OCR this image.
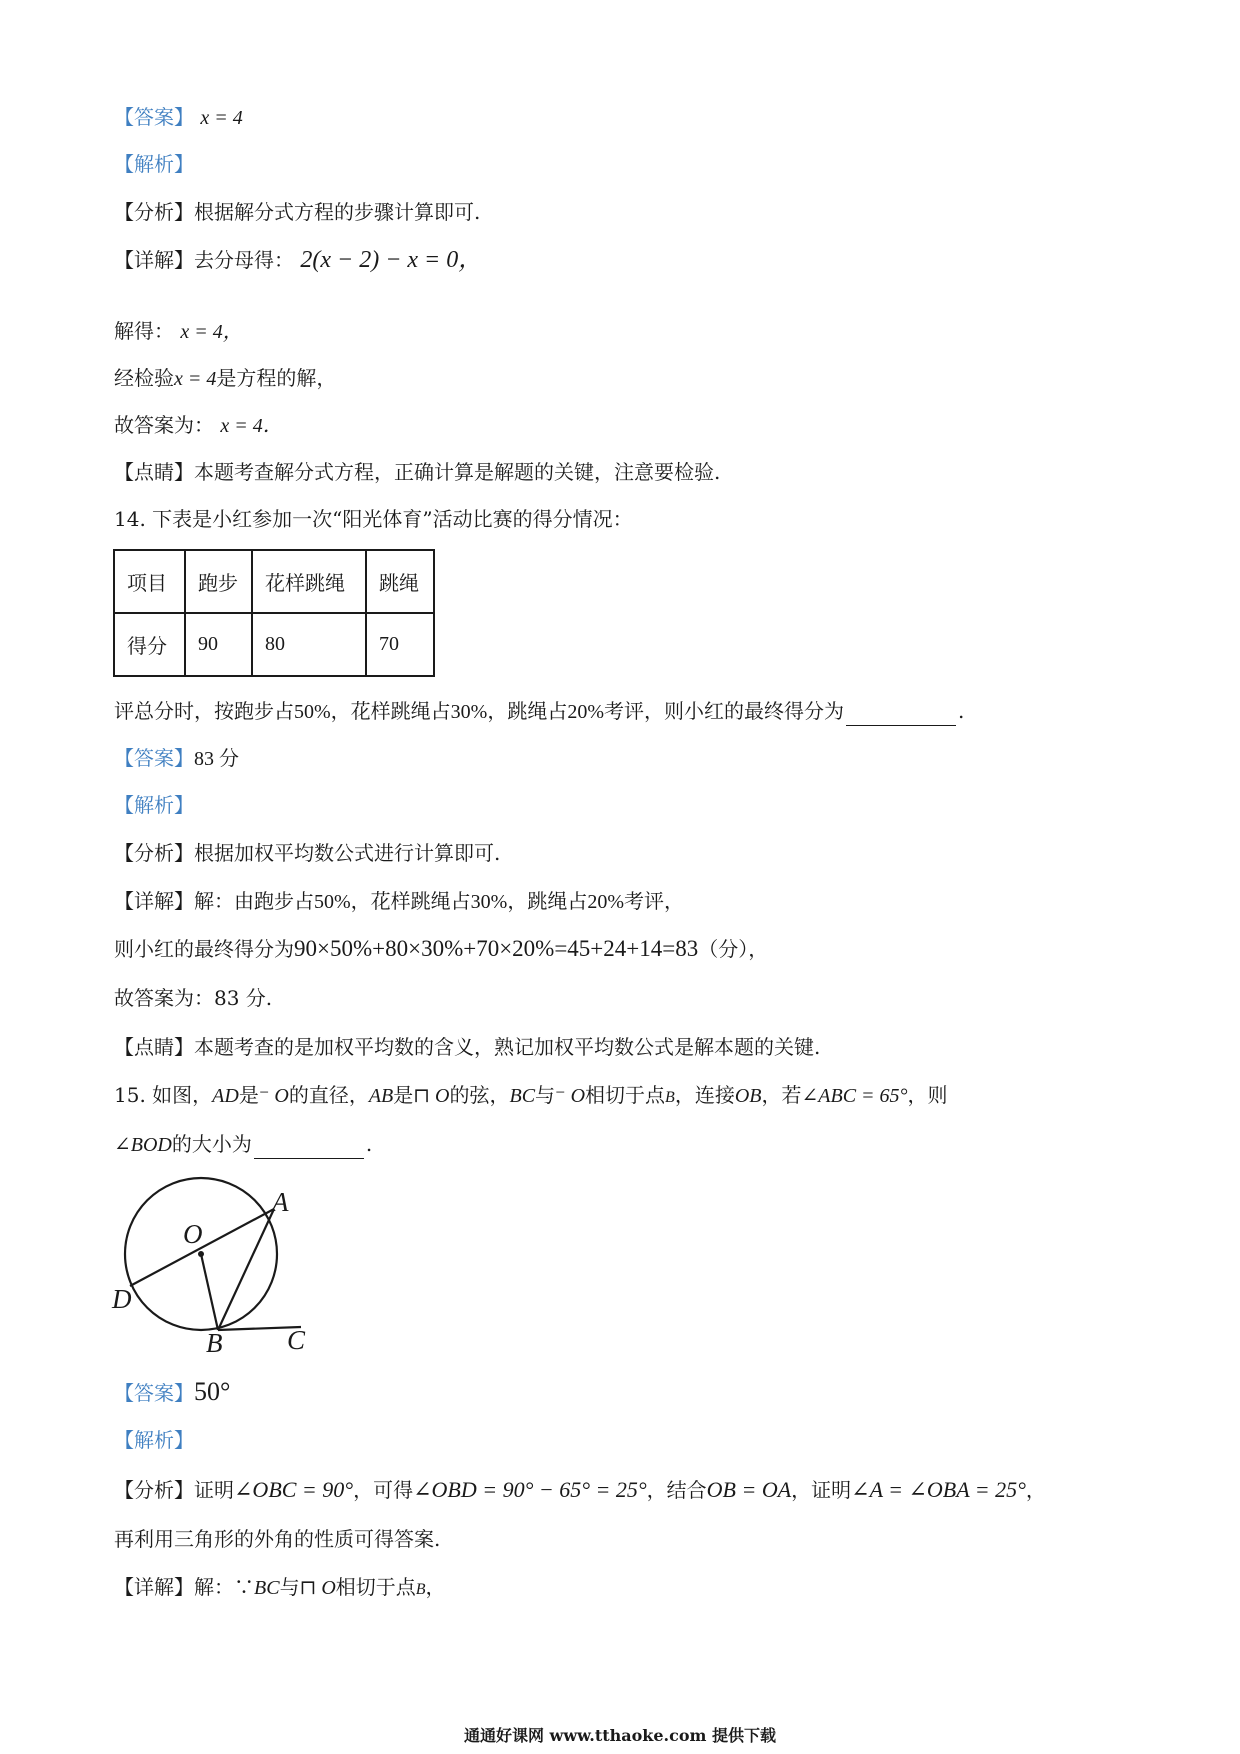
【答案】 x = 4
【解析】
【分析】根据解分式方程的步骤计算即可.
【详解】去分母得： 2(x − 2) − x = 0，
解得： x = 4，
经检验x = 4是方程的解，
故答案为： x = 4．
【点睛】本题考查解分式方程，正确计算是解题的关键，注意要检验.
14. 下表是小红参加一次“阳光体育”活动比赛的得分情况：
项目	跑步	花样跳绳	跳绳
得分	90	80	70
评总分时，按跑步占50%，花样跳绳占30%，跳绳占20%考评，则小红的最终得分为	.
【答案】83 分
【解析】
【分析】根据加权平均数公式进行计算即可.
【详解】解：由跑步占50%，花样跳绳占30%，跳绳占20%考评，
则小红的最终得分为90×50%+80×30%+70×20%=45+24+14=83（分），
故答案为：83 分.
【点睛】本题考查的是加权平均数的含义，熟记加权平均数公式是解本题的关键.
15. 如图，AD是⁻ O的直径，AB是⊓ O的弦，BC与⁻ O相切于点B，连接OB，若∠ABC = 65°，则
∠BOD的大小为	.
O
A
D
B C
【答案】50°
【解析】
【分析】证明∠OBC = 90°，可得∠OBD = 90° − 65° = 25°，结合OB = OA，证明∠A = ∠OBA = 25°，
再利用三角形的外角的性质可得答案.
【详解】解：∵BC与⊓ O相切于点B，
通通好课网 www.tthaoke.com 提供下载
